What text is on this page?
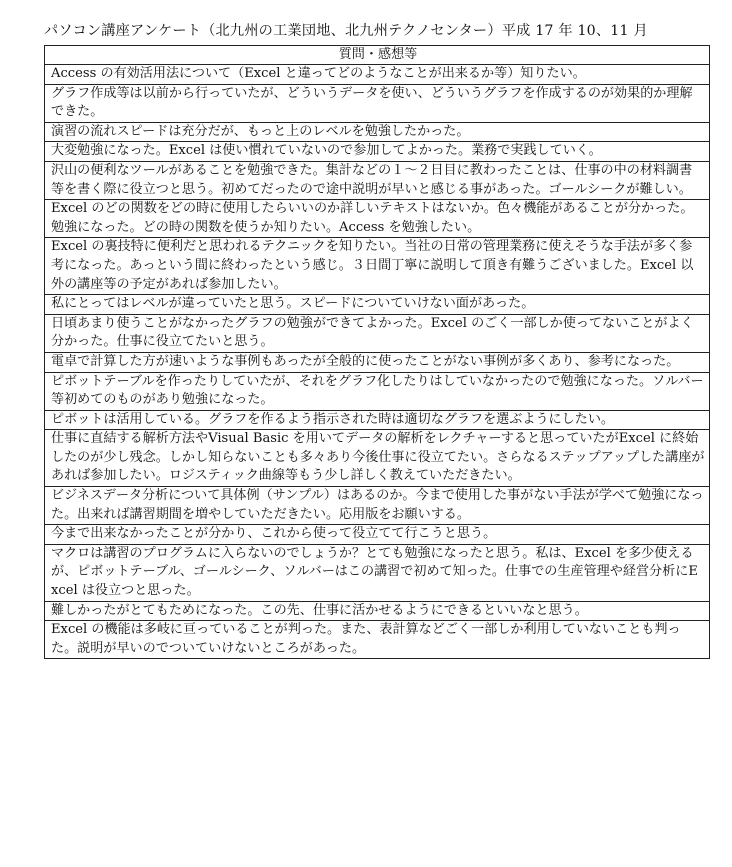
パソコン講座アンケート（北九州の工業団地、北九州テクノセンター）平成 17 年 10、11 月
質問・感想等
Access の有効活用法について（Excel と違ってどのようなことが出来るか等）知りたい。
グラフ作成等は以前から行っていたが、どういうデータを使い、どういうグラフを作成するのが効果的か理解できた。
演習の流れスピードは充分だが、もっと上のレベルを勉強したかった。
大変勉強になった。Excel は使い慣れていないので参加してよかった。業務で実践していく。
沢山の便利なツールがあることを勉強できた。集計などの１～２日目に教わったことは、仕事の中の材料調書等を書く際に役立つと思う。初めてだったので途中説明が早いと感じる事があった。ゴールシークが難しい。
Excel のどの関数をどの時に使用したらいいのか詳しいテキストはないか。色々機能があることが分かった。勉強になった。どの時の関数を使うか知りたい。Access を勉強したい。
Excel の裏技特に便利だと思われるテクニックを知りたい。当社の日常の管理業務に使えそうな手法が多く参考になった。あっという間に終わったという感じ。３日間丁寧に説明して頂き有難うございました。Excel 以外の講座等の予定があれば参加したい。
私にとってはレベルが違っていたと思う。スピードについていけない面があった。
日頃あまり使うことがなかったグラフの勉強ができてよかった。Excel のごく一部しか使ってないことがよく分かった。仕事に役立てたいと思う。
電卓で計算した方が速いような事例もあったが全般的に使ったことがない事例が多くあり、参考になった。
ピボットテーブルを作ったりしていたが、それをグラフ化したりはしていなかったので勉強になった。ソルバー等初めてのものがあり勉強になった。
ピボットは活用している。グラフを作るよう指示された時は適切なグラフを選ぶようにしたい。
仕事に直結する解析方法やVisual Basic を用いてデータの解析をレクチャーすると思っていたがExcel に終始したのが少し残念。しかし知らないことも多々あり今後仕事に役立てたい。さらなるステップアップした講座があれば参加したい。ロジスティック曲線等もう少し詳しく教えていただきたい。
ビジネスデータ分析について具体例（サンプル）はあるのか。今まで使用した事がない手法が学べて勉強になった。出来れば講習期間を増やしていただきたい。応用版をお願いする。
今まで出来なかったことが分かり、これから使って役立てて行こうと思う。
マクロは講習のプログラムに入らないのでしょうか？とても勉強になったと思う。私は、Excel を多少使えるが、ピボットテーブル、ゴールシーク、ソルバーはこの講習で初めて知った。仕事での生産管理や経営分析にExcel は役立つと思った。
難しかったがとてもためになった。この先、仕事に活かせるようにできるといいなと思う。
Excel の機能は多岐に亘っていることが判った。また、表計算などごく一部しか利用していないことも判った。説明が早いのでついていけないところがあった。
